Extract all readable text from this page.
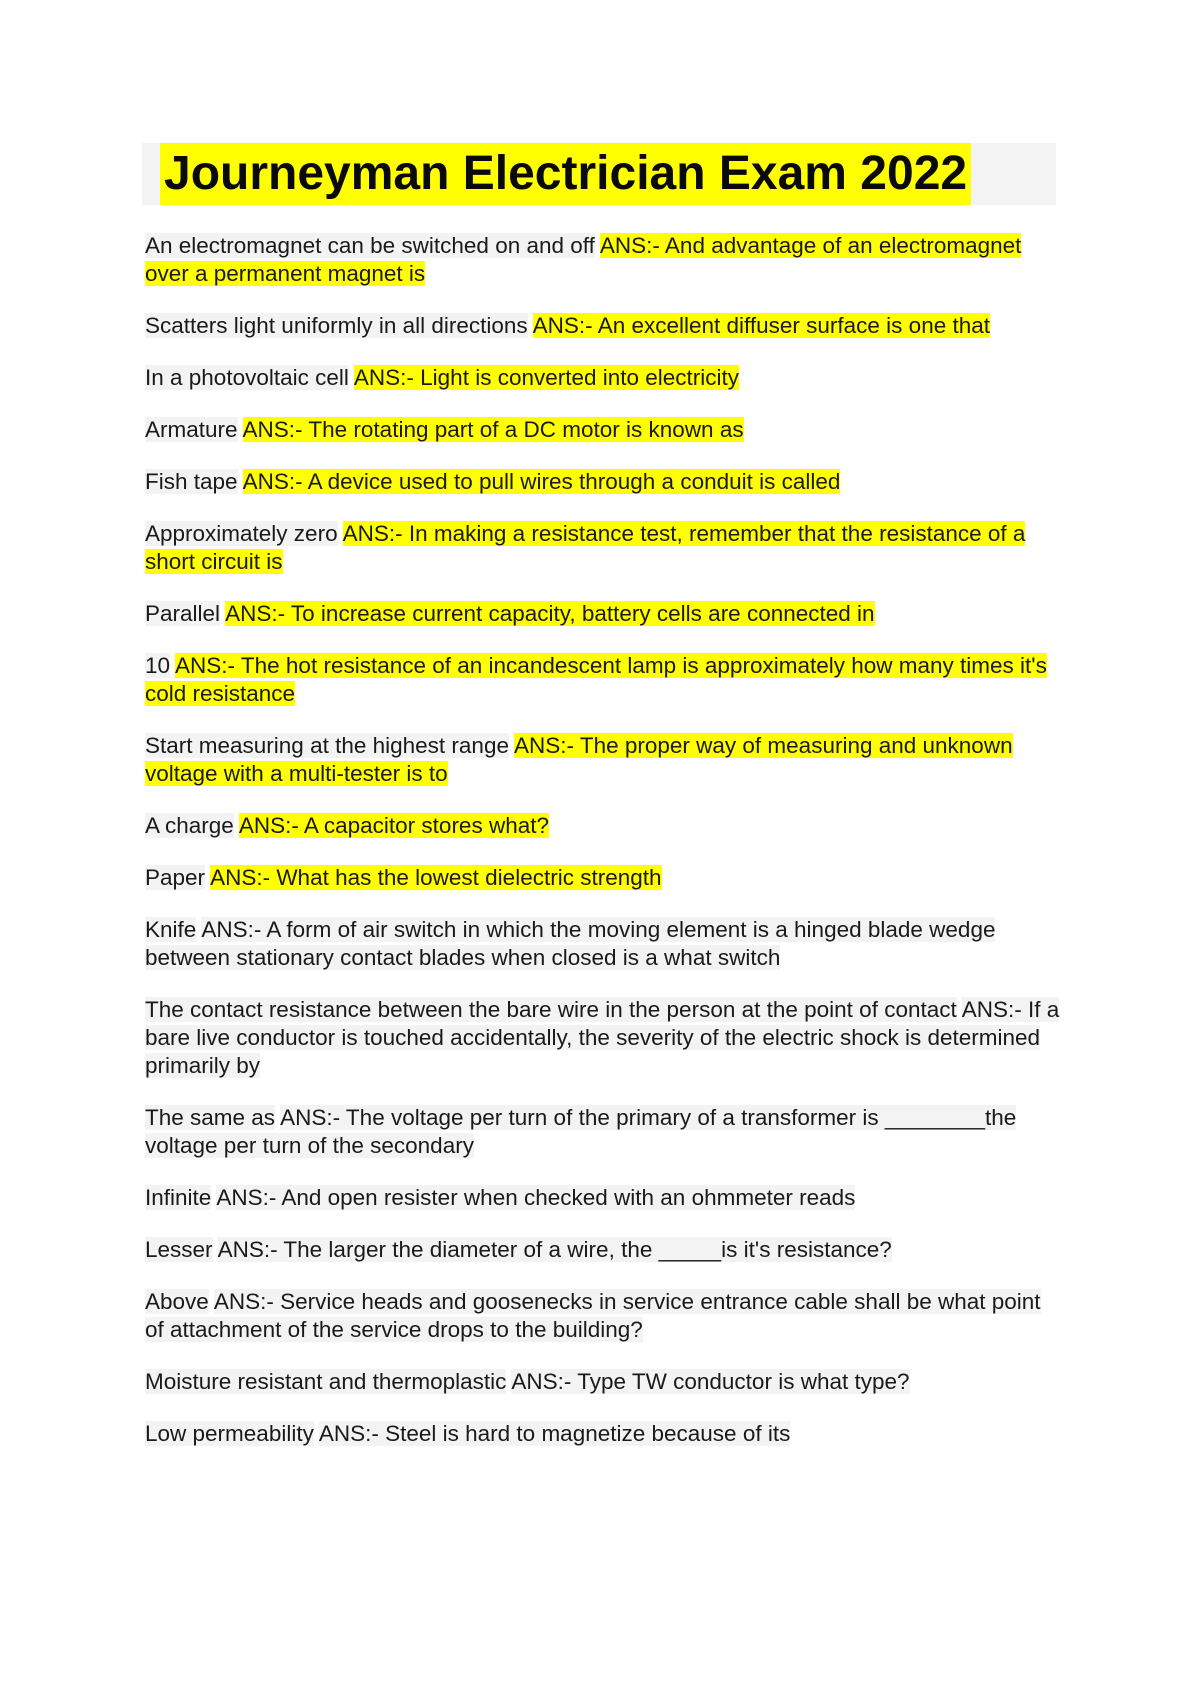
Journeyman Electrician Exam 2022
An electromagnet can be switched on and off ANS:- And advantage of an electromagnet over a permanent magnet is
Scatters light uniformly in all directions ANS:- An excellent diffuser surface is one that
In a photovoltaic cell ANS:- Light is converted into electricity
Armature ANS:- The rotating part of a DC motor is known as
Fish tape ANS:- A device used to pull wires through a conduit is called
Approximately zero ANS:- In making a resistance test, remember that the resistance of a short circuit is
Parallel ANS:- To increase current capacity, battery cells are connected in
10 ANS:- The hot resistance of an incandescent lamp is approximately how many times it's cold resistance
Start measuring at the highest range ANS:- The proper way of measuring and unknown voltage with a multi-tester is to
A charge ANS:- A capacitor stores what?
Paper ANS:- What has the lowest dielectric strength
Knife ANS:- A form of air switch in which the moving element is a hinged blade wedge between stationary contact blades when closed is a what switch
The contact resistance between the bare wire in the person at the point of contact ANS:- If a bare live conductor is touched accidentally, the severity of the electric shock is determined primarily by
The same as ANS:- The voltage per turn of the primary of a transformer is ________the voltage per turn of the secondary
Infinite ANS:- And open resister when checked with an ohmmeter reads
Lesser ANS:- The larger the diameter of a wire, the _____is it's resistance?
Above ANS:- Service heads and goosenecks in service entrance cable shall be what point of attachment of the service drops to the building?
Moisture resistant and thermoplastic ANS:- Type TW conductor is what type?
Low permeability ANS:- Steel is hard to magnetize because of its
